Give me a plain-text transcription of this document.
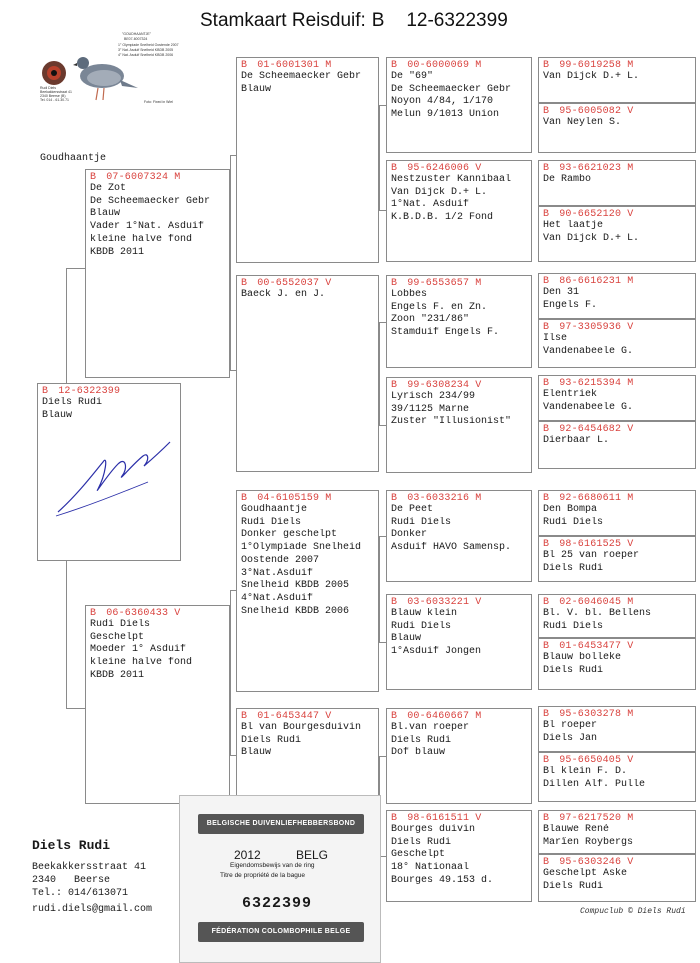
Stamkaart Reisduif: B 12-6322399
"GOUDHAANTJE"
BE07-6007324
1° Olympiade Snelheid Oostende 2007
3° Nat. Asduif Snelheid KBDB 2005
4° Nat. Asduif Snelheid KBDB 2006
Rudi Diels
Beekakkersstraat 41
2340 Beerse (B)
Tel. 014 - 61.30.71	Foto: Fixed in Wiel
Goudhaantje
B 12-6322399
Diels Rudi
Blauw
B 07-6007324 M
De Zot
De Scheemaecker Gebr
Blauw
Vader 1°Nat. Asduif
kleine halve fond
KBDB 2011
B 06-6360433 V
Rudi Diels
Geschelpt
Moeder 1° Asduif
kleine halve fond
KBDB 2011
B 01-6001301 M
De Scheemaecker Gebr
Blauw
B 00-6552037 V
Baeck J. en J.
B 04-6105159 M
Goudhaantje
Rudi Diels
Donker geschelpt
1°Olympiade Snelheid
Oostende 2007
3°Nat.Asduif
Snelheid KBDB 2005
4°Nat.Asduif
Snelheid KBDB 2006
B 01-6453447 V
Bl van Bourgesduivin
Diels Rudi
Blauw
B 00-6000069 M
De "69"
De Scheemaecker Gebr
Noyon 4/84, 1/170
Melun 9/1013 Union
B 95-6246006 V
Nestzuster Kannibaal
Van Dijck D.+ L.
1°Nat. Asduif
K.B.D.B. 1/2 Fond
B 99-6553657 M
Lobbes
Engels F. en Zn.
Zoon "231/86"
Stamduif Engels F.
B 99-6308234 V
Lyrisch 234/99
39/1125 Marne
Zuster "Illusionist"
B 03-6033216 M
De Peet
Rudi Diels
Donker
Asduif HAVO Samensp.
B 03-6033221 V
Blauw klein
Rudi Diels
Blauw
1°Asduif Jongen
B 00-6460667 M
Bl.van roeper
Diels Rudi
Dof blauw
B 98-6161511 V
Bourges duivin
Diels Rudi
Geschelpt
18° Nationaal
Bourges 49.153 d.
B 99-6019258 M
Van Dijck D.+ L.
B 95-6005082 V
Van Neylen S.
B 93-6621023 M
De Rambo
B 90-6652120 V
Het laatje
Van Dijck D.+ L.
B 86-6616231 M
Den 31
Engels F.
B 97-3305936 V
Ilse
Vandenabeele G.
B 93-6215394 M
Elentriek
Vandenabeele G.
B 92-6454682 V
Dierbaar L.
B 92-6680611 M
Den Bompa
Rudi Diels
B 98-6161525 V
Bl 25 van roeper
Diels Rudi
B 02-6046045 M
Bl. V. bl. Bellens
Rudi Diels
B 01-6453477 V
Blauw bolleke
Diels Rudi
B 95-6303278 M
Bl roeper
Diels Jan
B 95-6650405 V
Bl klein F. D.
Dillen Alf. Pulle
B 97-6217520 M
Blauwe René
Marïen Roybergs
B 95-6303246 V
Geschelpt Aske
Diels Rudi
Diels Rudi
Beekakkersstraat 41
2340 Beerse
Tel.: 014/613071
rudi.diels@gmail.com
BELGISCHE DUIVENLIEFHEBBERSBOND
2012	BELG
Eigendomsbewijs van de ring
Titre de propriété de la bague
6322399
FÉDÉRATION COLOMBOPHILE BELGE
Compuclub © Diels Rudi
